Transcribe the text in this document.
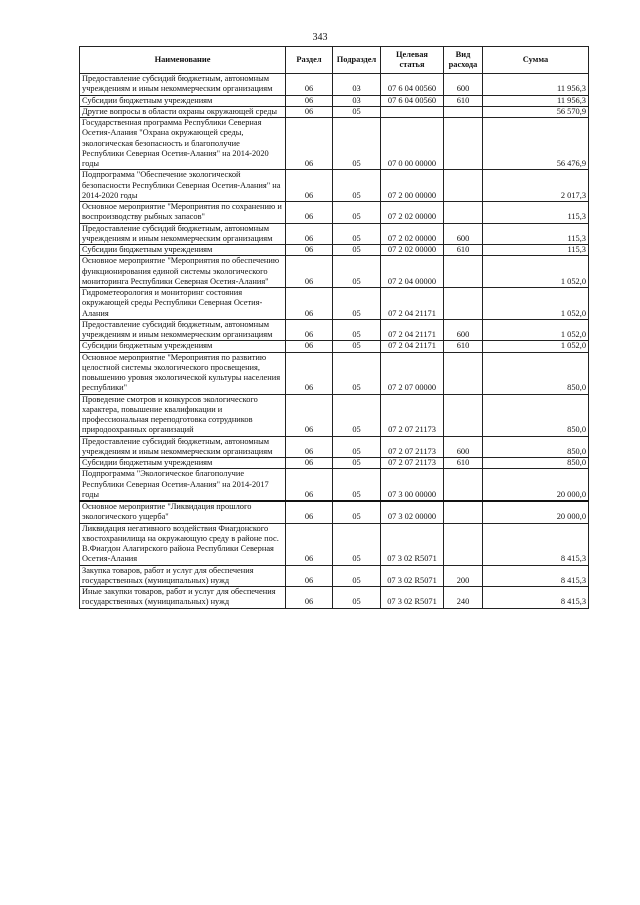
343
Наименование	Раздел	Подраздел	Целевая статья	Вид расхода	Сумма
Предоставление субсидий бюджетным, автономным учреждениям и иным некоммерческим организациям	06	03	07 6 04 00560	600	11 956,3
Субсидии бюджетным учреждениям	06	03	07 6 04 00560	610	11 956,3
Другие вопросы в области охраны окружающей среды	06	05			56 570,9
Государственная программа Республики Северная Осетия-Алания "Охрана окружающей среды, экологическая безопасность и благополучие Республики Северная Осетия-Алания" на 2014-2020 годы	06	05	07 0 00 00000		56 476,9
Подпрограмма "Обеспечение экологической безопасности Республики Северная Осетия-Алания" на 2014-2020 годы	06	05	07 2 00 00000		2 017,3
Основное мероприятие "Мероприятия по сохранению и воспроизводству рыбных запасов"	06	05	07 2 02 00000		115,3
Предоставление субсидий бюджетным, автономным учреждениям и иным некоммерческим организациям	06	05	07 2 02 00000	600	115,3
Субсидии бюджетным учреждениям	06	05	07 2 02 00000	610	115,3
Основное мероприятие "Мероприятия по обеспечению функционирования единой системы экологического мониторинга Республики Северная Осетия-Алания"	06	05	07 2 04 00000		1 052,0
Гидрометеорология и мониторинг состояния окружающей среды Республики Северная Осетия-Алания	06	05	07 2 04 21171		1 052,0
Предоставление субсидий бюджетным, автономным учреждениям и иным некоммерческим организациям	06	05	07 2 04 21171	600	1 052,0
Субсидии бюджетным учреждениям	06	05	07 2 04 21171	610	1 052,0
Основное мероприятие "Мероприятия по развитию целостной системы экологического просвещения, повышению уровня экологической культуры населения республики"	06	05	07 2 07 00000		850,0
Проведение смотров и конкурсов экологического характера, повышение квалификации и профессиональная переподготовка сотрудников природоохранных организаций	06	05	07 2 07 21173		850,0
Предоставление субсидий бюджетным, автономным учреждениям и иным некоммерческим организациям	06	05	07 2 07 21173	600	850,0
Субсидии бюджетным учреждениям	06	05	07 2 07 21173	610	850,0
Подпрограмма "Экологическое благополучие Республики Северная Осетия-Алания" на 2014-2017 годы	06	05	07 3 00 00000		20 000,0
Основное мероприятие "Ликвидация прошлого экологического ущерба"	06	05	07 3 02 00000		20 000,0
Ликвидация негативного воздействия Фиагдонского хвостохранилища на окружающую среду в районе пос. В.Фиагдон Алагирского района Республики Северная Осетия-Алания	06	05	07 3 02 R5071		8 415,3
Закупка товаров, работ и услуг для обеспечения государственных (муниципальных) нужд	06	05	07 3 02 R5071	200	8 415,3
Иные закупки товаров, работ и услуг для обеспечения государственных (муниципальных) нужд	06	05	07 3 02 R5071	240	8 415,3
